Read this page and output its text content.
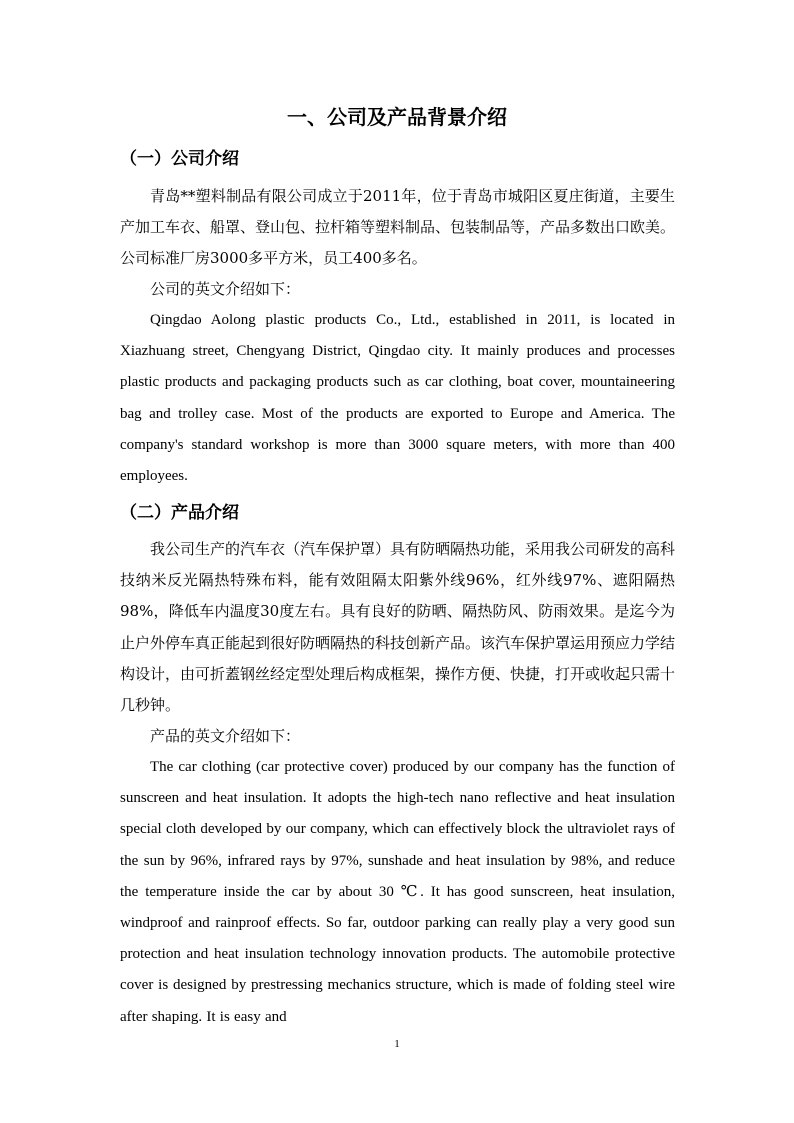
一、公司及产品背景介绍
（一）公司介绍

青岛**塑料制品有限公司成立于2011年，位于青岛市城阳区夏庄街道，主要生产加工车衣、船罩、登山包、拉杆箱等塑料制品、包装制品等，产品多数出口欧美。公司标准厂房3000多平方米，员工400多名。

公司的英文介绍如下：

Qingdao Aolong plastic products Co., Ltd., established in 2011, is located in Xiazhuang street, Chengyang District, Qingdao city. It mainly produces and processes plastic products and packaging products such as car clothing, boat cover, mountaineering bag and trolley case. Most of the products are exported to Europe and America. The company's standard workshop is more than 3000 square meters, with more than 400 employees.

（二）产品介绍

我公司生产的汽车衣（汽车保护罩）具有防晒隔热功能，采用我公司研发的高科技纳米反光隔热特殊布料，能有效阻隔太阳紫外线96%，红外线97%、遮阳隔热98%，降低车内温度30度左右。具有良好的防晒、隔热防风、防雨效果。是迄今为止户外停车真正能起到很好防晒隔热的科技创新产品。该汽车保护罩运用预应力学结构设计，由可折蓋钢丝经定型处理后构成框架，操作方便、快捷，打开或收起只需十几秒钟。

产品的英文介绍如下：

The car clothing (car protective cover) produced by our company has the function of sunscreen and heat insulation. It adopts the high-tech nano reflective and heat insulation special cloth developed by our company, which can effectively block the ultraviolet rays of the sun by 96%, infrared rays by 97%, sunshade and heat insulation by 98%, and reduce the temperature inside the car by about 30 ℃. It has good sunscreen, heat insulation, windproof and rainproof effects. So far, outdoor parking can really play a very good sun protection and heat insulation technology innovation products. The automobile protective cover is designed by prestressing mechanics structure, which is made of folding steel wire after shaping. It is easy and

1
